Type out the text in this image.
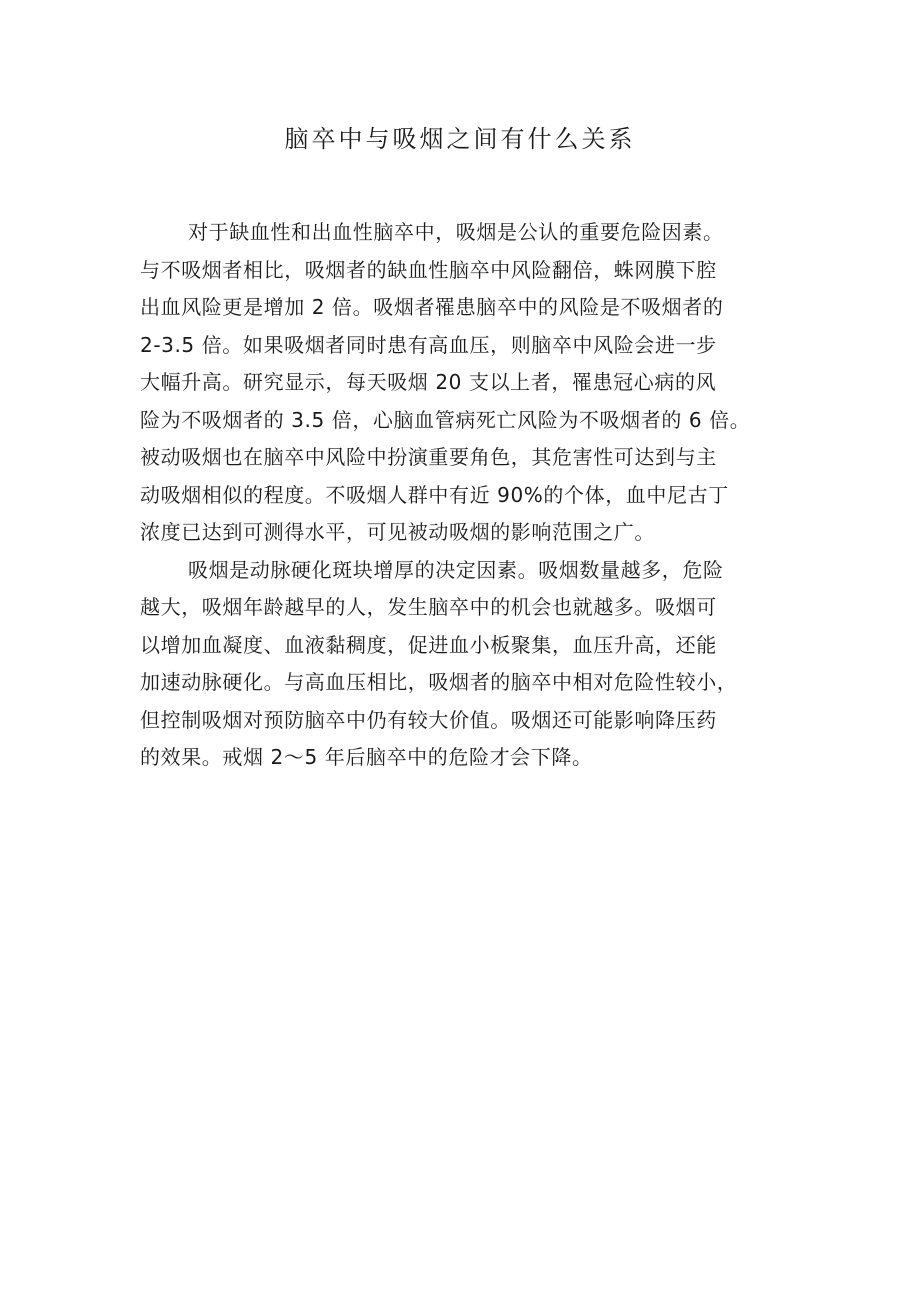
脑卒中与吸烟之间有什么关系
对于缺血性和出血性脑卒中，吸烟是公认的重要危险因素。
与不吸烟者相比，吸烟者的缺血性脑卒中风险翻倍，蛛网膜下腔
出血风险更是增加 2 倍。吸烟者罹患脑卒中的风险是不吸烟者的
2-3.5 倍。如果吸烟者同时患有高血压，则脑卒中风险会进一步
大幅升高。研究显示，每天吸烟 20 支以上者，罹患冠心病的风
险为不吸烟者的 3.5 倍，心脑血管病死亡风险为不吸烟者的 6 倍。
被动吸烟也在脑卒中风险中扮演重要角色，其危害性可达到与主
动吸烟相似的程度。不吸烟人群中有近 90%的个体，血中尼古丁
浓度已达到可测得水平，可见被动吸烟的影响范围之广。
吸烟是动脉硬化斑块增厚的决定因素。吸烟数量越多，危险
越大，吸烟年龄越早的人，发生脑卒中的机会也就越多。吸烟可
以增加血凝度、血液黏稠度，促进血小板聚集，血压升高，还能
加速动脉硬化。与高血压相比，吸烟者的脑卒中相对危险性较小，
但控制吸烟对预防脑卒中仍有较大价值。吸烟还可能影响降压药
的效果。戒烟 2～5 年后脑卒中的危险才会下降。
